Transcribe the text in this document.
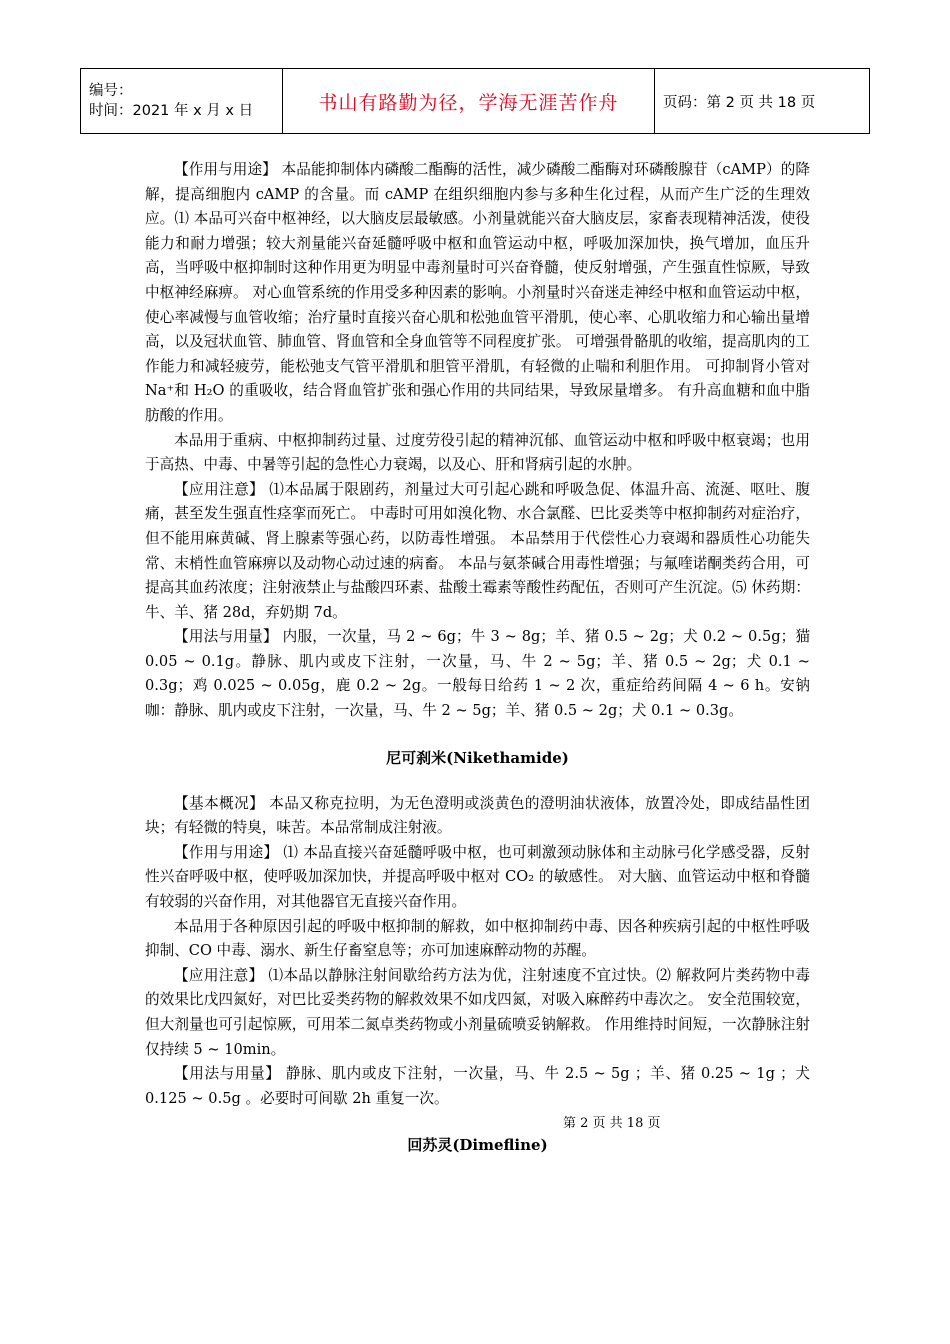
编号：
时间：2021 年 x 月 x 日	书山有路勤为径，学海无涯苦作舟	页码：第 2 页 共 18 页

【作用与用途】 本品能抑制体内磷酸二酯酶的活性，减少磷酸二酯酶对环磷酸腺苷（cAMP）的降解，提高细胞内 cAMP 的含量。而 cAMP 在组织细胞内参与多种生化过程，从而产生广泛的生理效应。⑴ 本品可兴奋中枢神经，以大脑皮层最敏感。小剂量就能兴奋大脑皮层，家畜表现精神活泼，使役能力和耐力增强；较大剂量能兴奋延髓呼吸中枢和血管运动中枢，呼吸加深加快，换气增加，血压升高，当呼吸中枢抑制时这种作用更为明显中毒剂量时可兴奋脊髓，使反射增强，产生强直性惊厥，导致中枢神经麻痹。 对心血管系统的作用受多种因素的影响。小剂量时兴奋迷走神经中枢和血管运动中枢，使心率减慢与血管收缩；治疗量时直接兴奋心肌和松弛血管平滑肌，使心率、心肌收缩力和心输出量增高，以及冠状血管、肺血管、肾血管和全身血管等不同程度扩张。 可增强骨骼肌的收缩，提高肌肉的工作能力和减轻疲劳，能松弛支气管平滑肌和胆管平滑肌，有轻微的止喘和利胆作用。 可抑制肾小管对 Na⁺和 H₂O 的重吸收，结合肾血管扩张和强心作用的共同结果，导致尿量增多。 有升高血糖和血中脂肪酸的作用。

本品用于重病、中枢抑制药过量、过度劳役引起的精神沉郁、血管运动中枢和呼吸中枢衰竭；也用于高热、中毒、中暑等引起的急性心力衰竭，以及心、肝和肾病引起的水肿。

【应用注意】 ⑴本品属于限剧药，剂量过大可引起心跳和呼吸急促、体温升高、流涎、呕吐、腹痛，甚至发生强直性痉挛而死亡。 中毒时可用如溴化物、水合氯醛、巴比妥类等中枢抑制药对症治疗，但不能用麻黄碱、肾上腺素等强心药，以防毒性增强。 本品禁用于代偿性心力衰竭和器质性心功能失常、末梢性血管麻痹以及动物心动过速的病畜。 本品与氨茶碱合用毒性增强；与氟喹诺酮类药合用，可提高其血药浓度；注射液禁止与盐酸四环素、盐酸土霉素等酸性药配伍，否则可产生沉淀。⑸ 休药期：牛、羊、猪 28d，弃奶期 7d。

【用法与用量】 内服，一次量，马 2 ~ 6g；牛 3 ~ 8g；羊、猪 0.5 ~ 2g；犬 0.2 ~ 0.5g；猫 0.05 ~ 0.1g。静脉、肌内或皮下注射，一次量，马、牛 2 ~ 5g；羊、猪 0.5 ~ 2g；犬 0.1 ~ 0.3g；鸡 0.025 ~ 0.05g，鹿 0.2 ~ 2g。一般每日给药 1 ~ 2 次，重症给药间隔 4 ~ 6 h。安钠咖：静脉、肌内或皮下注射，一次量，马、牛 2 ~ 5g；羊、猪 0.5 ~ 2g；犬 0.1 ~ 0.3g。

尼可刹米(Nikethamide)

【基本概况】 本品又称克拉明，为无色澄明或淡黄色的澄明油状液体，放置冷处，即成结晶性团块；有轻微的特臭，味苦。本品常制成注射液。

【作用与用途】 ⑴ 本品直接兴奋延髓呼吸中枢，也可刺激颈动脉体和主动脉弓化学感受器，反射性兴奋呼吸中枢，使呼吸加深加快，并提高呼吸中枢对 CO₂ 的敏感性。 对大脑、血管运动中枢和脊髓有较弱的兴奋作用，对其他器官无直接兴奋作用。

本品用于各种原因引起的呼吸中枢抑制的解救，如中枢抑制药中毒、因各种疾病引起的中枢性呼吸抑制、CO 中毒、溺水、新生仔畜窒息等；亦可加速麻醉动物的苏醒。

【应用注意】 ⑴本品以静脉注射间歇给药方法为优，注射速度不宜过快。⑵ 解救阿片类药物中毒的效果比戊四氮好，对巴比妥类药物的解救效果不如戊四氮，对吸入麻醉药中毒次之。 安全范围较宽，但大剂量也可引起惊厥，可用苯二氮卓类药物或小剂量硫喷妥钠解救。 作用维持时间短，一次静脉注射仅持续 5 ~ 10min。

【用法与用量】 静脉、肌内或皮下注射，一次量，马、牛 2.5 ~ 5g ；羊、猪 0.25 ~ 1g ；犬 0.125 ~ 0.5g 。必要时可间歇 2h 重复一次。

回苏灵(Dimefline)
第 2 页 共 18 页
